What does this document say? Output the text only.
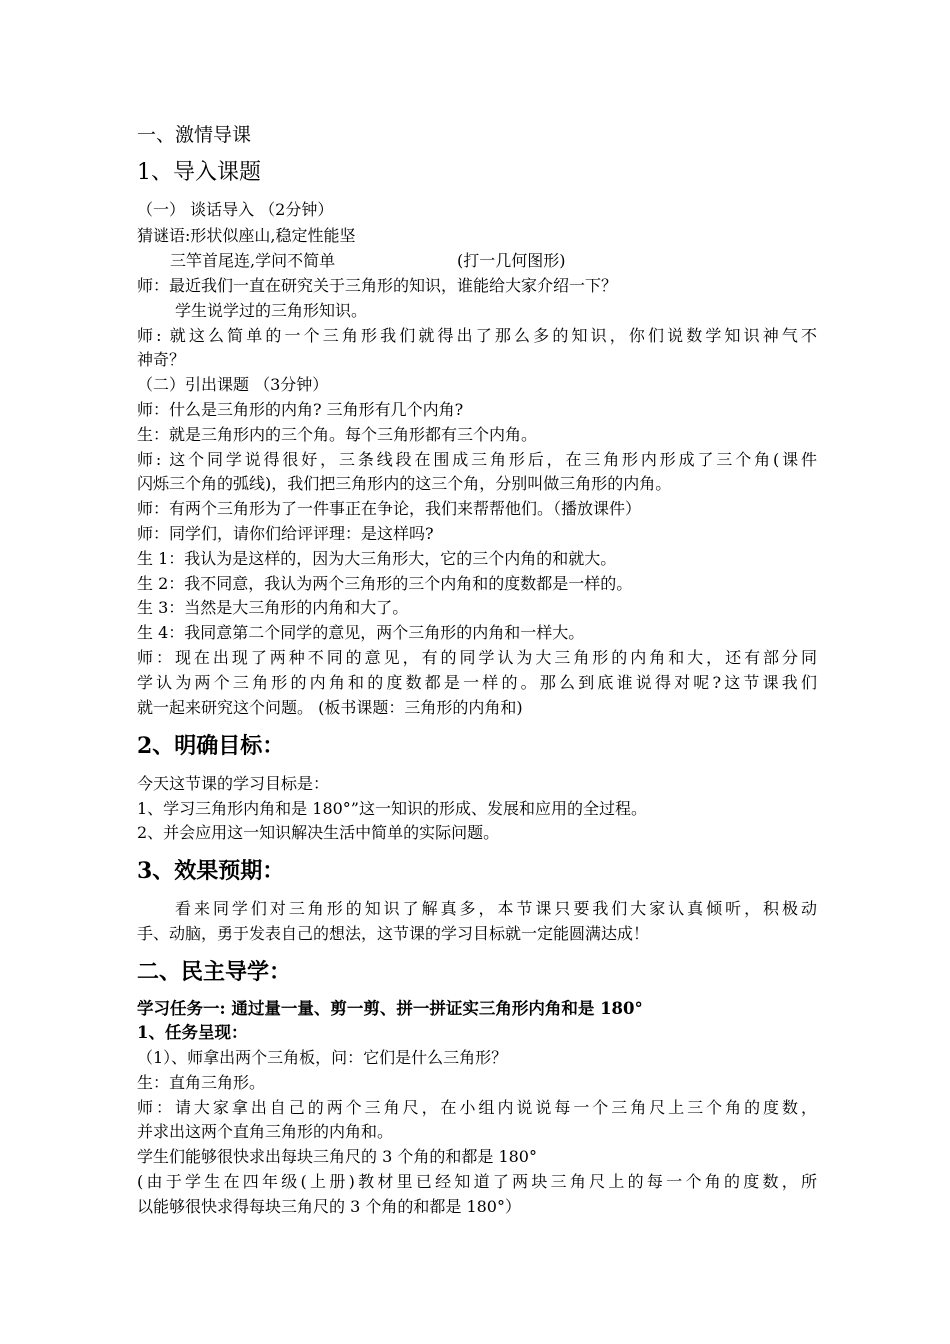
一、激情导课
1、导入课题
（一） 谈话导入 （2分钟）
猜谜语:形状似座山,稳定性能坚
三竿首尾连,学问不简单	(打一几何图形)
师：最近我们一直在研究关于三角形的知识，谁能给大家介绍一下？
学生说学过的三角形知识。
师: 就这么简单的一个三角形我们就得出了那么多的知识，你们说数学知识神气不
神奇？
（二）引出课题 （3分钟）
师：什么是三角形的内角? 三角形有几个内角?
生：就是三角形内的三个角。每个三角形都有三个内角。
师: 这个同学说得很好，三条线段在围成三角形后，在三角形内形成了三个角(课件
闪烁三个角的弧线)，我们把三角形内的这三个角，分别叫做三角形的内角。
师：有两个三角形为了一件事正在争论，我们来帮帮他们。（播放课件）
师：同学们，请你们给评评理：是这样吗?
生 1：我认为是这样的，因为大三角形大，它的三个内角的和就大。
生 2：我不同意，我认为两个三角形的三个内角和的度数都是一样的。
生 3：当然是大三角形的内角和大了。
生 4：我同意第二个同学的意见，两个三角形的内角和一样大。
师：现在出现了两种不同的意见，有的同学认为大三角形的内角和大，还有部分同
学认为两个三角形的内角和的度数都是一样的。那么到底谁说得对呢?这节课我们
就一起来研究这个问题。 (板书课题：三角形的内角和)
2、明确目标：
今天这节课的学习目标是：
1、学习三角形内角和是 180°”这一知识的形成、发展和应用的全过程。
2、并会应用这一知识解决生活中简单的实际问题。
3、效果预期：
看来同学们对三角形的知识了解真多，本节课只要我们大家认真倾听，积极动
手、动脑，勇于发表自己的想法，这节课的学习目标就一定能圆满达成！
二、民主导学：
学习任务一: 通过量一量、剪一剪、拼一拼证实三角形内角和是 180°
1、任务呈现：
（1）、师拿出两个三角板，问：它们是什么三角形？
生：直角三角形。
师：请大家拿出自己的两个三角尺，在小组内说说每一个三角尺上三个角的度数，
并求出这两个直角三角形的内角和。
学生们能够很快求出每块三角尺的 3 个角的和都是 180°
(由于学生在四年级(上册)教材里已经知道了两块三角尺上的每一个角的度数，所
以能够很快求得每块三角尺的 3 个角的和都是 180°）
